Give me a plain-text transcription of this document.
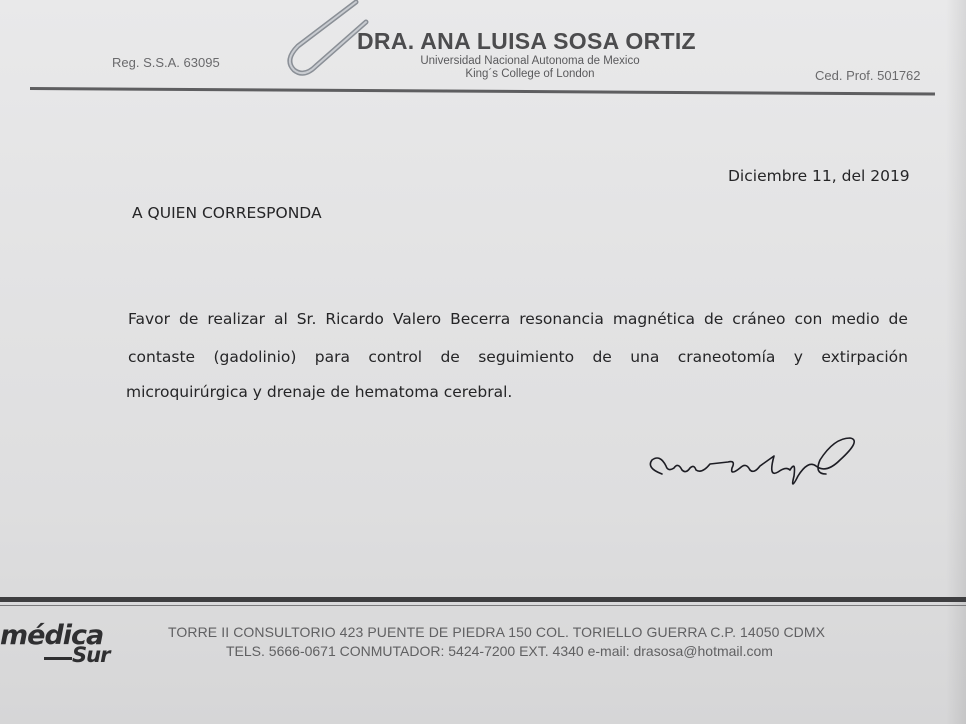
DRA. ANA LUISA SOSA ORTIZ
Universidad Nacional Autonoma de Mexico
King´s College of London
Reg. S.S.A. 63095
Ced. Prof. 501762
Diciembre 11, del 2019
A QUIEN CORRESPONDA
Favor de realizar al Sr. Ricardo Valero Becerra resonancia magnética de cráneo con medio de
contaste (gadolinio) para control de seguimiento de una craneotomía y extirpación
microquirúrgica y drenaje de hematoma cerebral.
médica
Sur
TORRE II CONSULTORIO 423 PUENTE DE PIEDRA 150 COL. TORIELLO GUERRA C.P. 14050 CDMX
TELS. 5666-0671 CONMUTADOR: 5424-7200 EXT. 4340 e-mail: drasosa@hotmail.com
